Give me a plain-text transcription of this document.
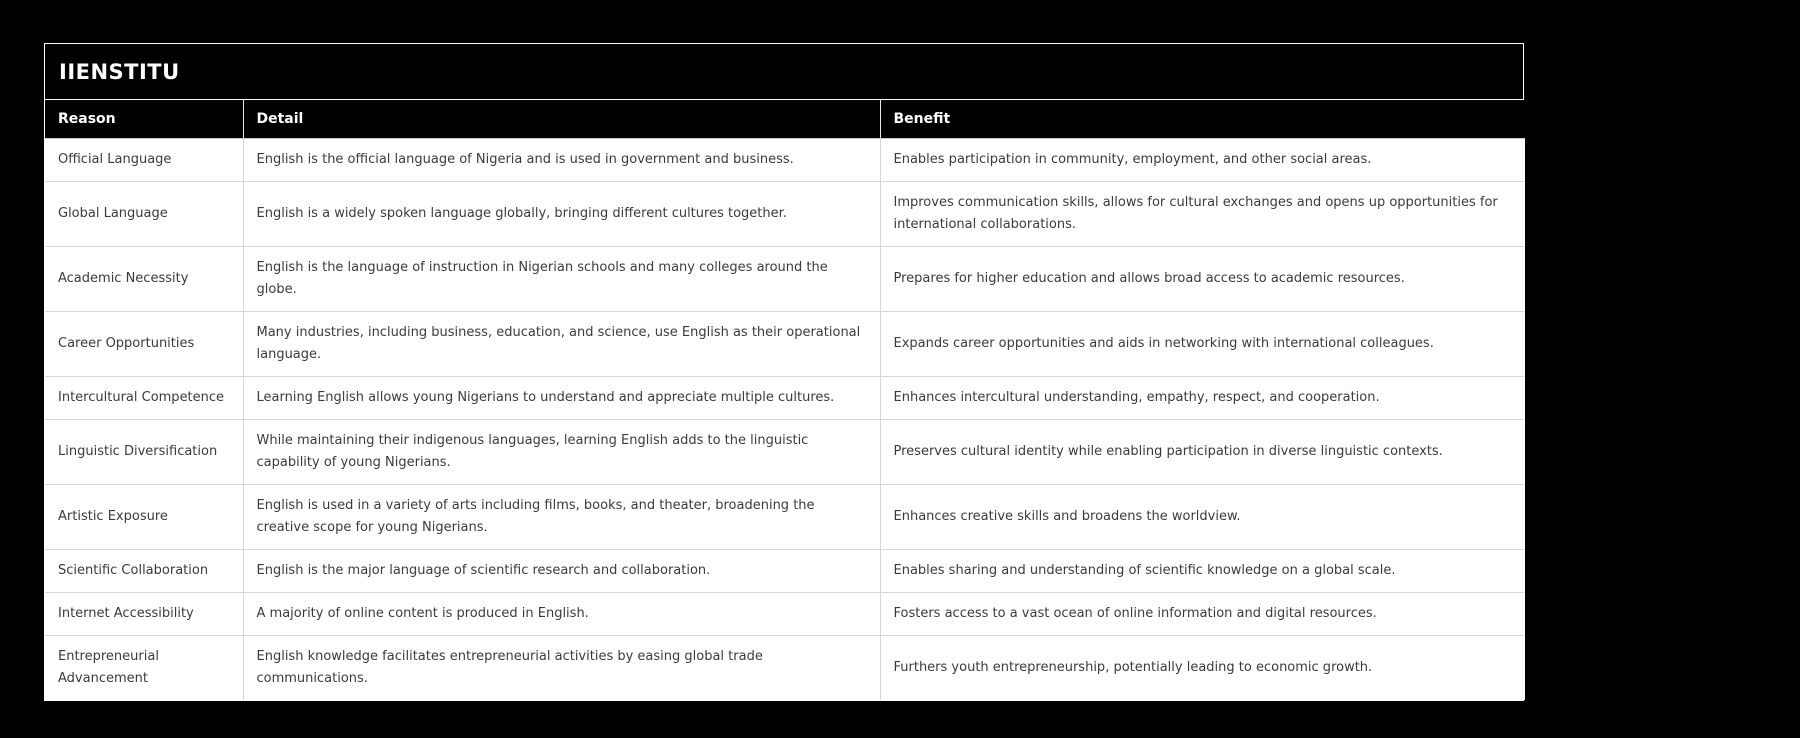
IIENSTITU
Reason	Detail	Benefit
Official Language	English is the official language of Nigeria and is used in government and business.	Enables participation in community, employment, and other social areas.
Global Language	English is a widely spoken language globally, bringing different cultures together.	Improves communication skills, allows for cultural exchanges and opens up opportunities for international collaborations.
Academic Necessity	English is the language of instruction in Nigerian schools and many colleges around the globe.	Prepares for higher education and allows broad access to academic resources.
Career Opportunities	Many industries, including business, education, and science, use English as their operational language.	Expands career opportunities and aids in networking with international colleagues.
Intercultural Competence	Learning English allows young Nigerians to understand and appreciate multiple cultures.	Enhances intercultural understanding, empathy, respect, and cooperation.
Linguistic Diversification	While maintaining their indigenous languages, learning English adds to the linguistic capability of young Nigerians.	Preserves cultural identity while enabling participation in diverse linguistic contexts.
Artistic Exposure	English is used in a variety of arts including films, books, and theater, broadening the creative scope for young Nigerians.	Enhances creative skills and broadens the worldview.
Scientific Collaboration	English is the major language of scientific research and collaboration.	Enables sharing and understanding of scientific knowledge on a global scale.
Internet Accessibility	A majority of online content is produced in English.	Fosters access to a vast ocean of online information and digital resources.
Entrepreneurial Advancement	English knowledge facilitates entrepreneurial activities by easing global trade communications.	Furthers youth entrepreneurship, potentially leading to economic growth.
